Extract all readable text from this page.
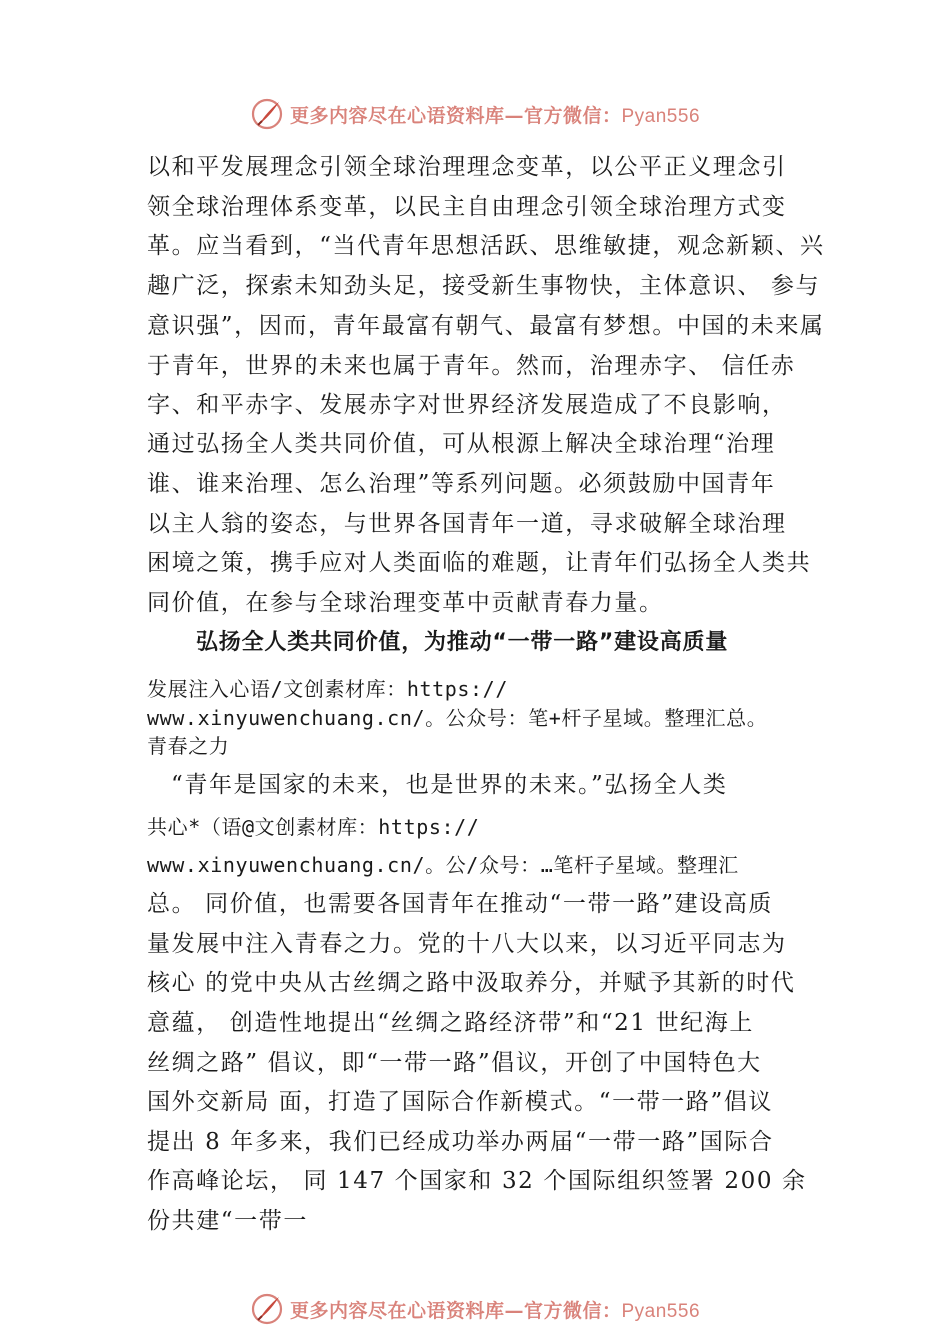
更多内容尽在心语资料库—官方微信：Pyan556
以和平发展理念引领全球治理理念变革，以公平正义理念引
领全球治理体系变革，以民主自由理念引领全球治理方式变
革。应当看到，“当代青年思想活跃、思维敏捷，观念新颖、兴
趣广泛，探索未知劲头足，接受新生事物快，主体意识、 参与
意识强”，因而，青年最富有朝气、最富有梦想。中国的未来属
于青年，世界的未来也属于青年。然而，治理赤字、 信任赤
字、和平赤字、发展赤字对世界经济发展造成了不良影响，
通过弘扬全人类共同价值，可从根源上解决全球治理“治理
谁、谁来治理、怎么治理”等系列问题。必须鼓励中国青年
以主人翁的姿态，与世界各国青年一道，寻求破解全球治理
困境之策，携手应对人类面临的难题，让青年们弘扬全人类共
同价值，在参与全球治理变革中贡献青春力量。
弘扬全人类共同价值，为推动“一带一路”建设高质量
发展注入心语/文创素材库：https://
www.xinyuwenchuang.cn/。公众号：笔+杆子星域。整理汇总。
青春之力
“青年是国家的未来，也是世界的未来。”弘扬全人类
共心*（语@文创素材库：https://
www.xinyuwenchuang.cn/。公/众号：…笔杆子星域。整理汇
总。 同价值，也需要各国青年在推动“一带一路”建设高质
量发展中注入青春之力。党的十八大以来，以习近平同志为
核心 的党中央从古丝绸之路中汲取养分，并赋予其新的时代
意蕴， 创造性地提出“丝绸之路经济带”和“21 世纪海上
丝绸之路” 倡议，即“一带一路”倡议，开创了中国特色大
国外交新局 面，打造了国际合作新模式。“一带一路”倡议
提出 8 年多来，我们已经成功举办两届“一带一路”国际合
作高峰论坛， 同 147 个国家和 32 个国际组织签署 200 余
份共建“一带一
更多内容尽在心语资料库—官方微信：Pyan556
